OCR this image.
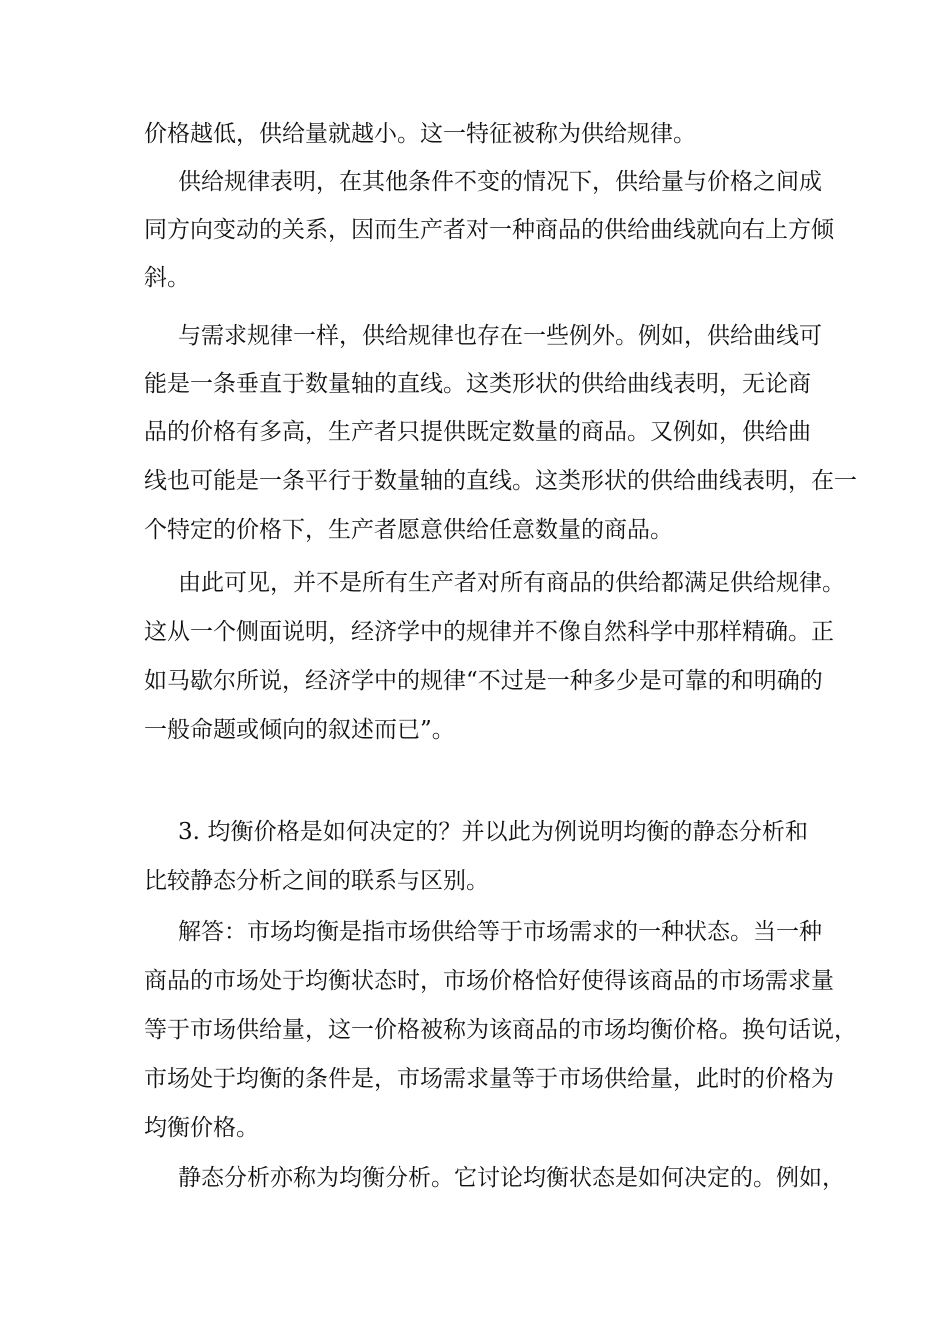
价格越低，供给量就越小。这一特征被称为供给规律。
供给规律表明，在其他条件不变的情况下，供给量与价格之间成
同方向变动的关系，因而生产者对一种商品的供给曲线就向右上方倾
斜。
与需求规律一样，供给规律也存在一些例外。例如，供给曲线可
能是一条垂直于数量轴的直线。这类形状的供给曲线表明，无论商
品的价格有多高，生产者只提供既定数量的商品。又例如，供给曲
线也可能是一条平行于数量轴的直线。这类形状的供给曲线表明，在一
个特定的价格下，生产者愿意供给任意数量的商品。
由此可见，并不是所有生产者对所有商品的供给都满足供给规律。
这从一个侧面说明，经济学中的规律并不像自然科学中那样精确。正
如马歇尔所说，经济学中的规律“不过是一种多少是可靠的和明确的
一般命题或倾向的叙述而已”。
3. 均衡价格是如何决定的？并以此为例说明均衡的静态分析和
比较静态分析之间的联系与区别。
解答：市场均衡是指市场供给等于市场需求的一种状态。当一种
商品的市场处于均衡状态时，市场价格恰好使得该商品的市场需求量
等于市场供给量，这一价格被称为该商品的市场均衡价格。换句话说，
市场处于均衡的条件是，市场需求量等于市场供给量，此时的价格为
均衡价格。
静态分析亦称为均衡分析。它讨论均衡状态是如何决定的。例如，
